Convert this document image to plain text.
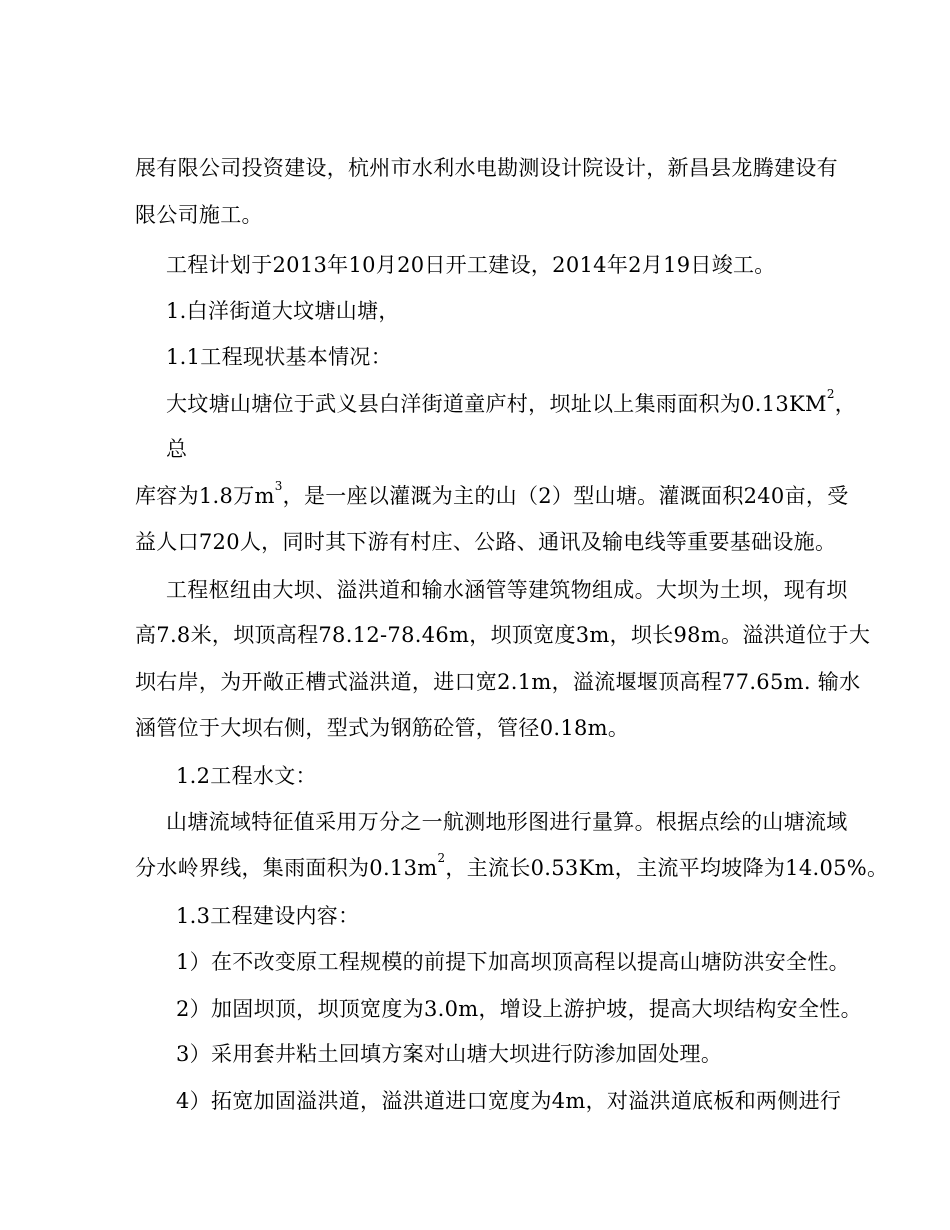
展有限公司投资建设，杭州市水利水电勘测设计院设计，新昌县龙腾建设有
限公司施工。
工程计划于2013年10月20日开工建设，2014年2月19日竣工。
1.白洋街道大坟塘山塘，
1.1工程现状基本情况：
大坟塘山塘位于武义县白洋街道童庐村，坝址以上集雨面积为$0.13KM^2$，
总
库容为1.8万$m^3$，是一座以灌溉为主的山（2）型山塘。灌溉面积240亩，受
益人口720人，同时其下游有村庄、公路、通讯及输电线等重要基础设施。
工程枢纽由大坝、溢洪道和输水涵管等建筑物组成。大坝为土坝，现有坝
高7.8米，坝顶高程78.12-78.46m，坝顶宽度3m，坝长98m。溢洪道位于大
坝右岸，为开敞正槽式溢洪道，进口宽2.1m，溢流堰堰顶高程77.65m. 输水
涵管位于大坝右侧，型式为钢筋砼管，管径0.18m。
1.2工程水文：
山塘流域特征值采用万分之一航测地形图进行量算。根据点绘的山塘流域
分水岭界线，集雨面积为$0.13m^2$，主流长0.53Km，主流平均坡降为14.05%。
1.3工程建设内容：
1）在不改变原工程规模的前提下加高坝顶高程以提高山塘防洪安全性。
2）加固坝顶，坝顶宽度为3.0m，增设上游护坡，提高大坝结构安全性。
3）采用套井粘土回填方案对山塘大坝进行防渗加固处理。
4）拓宽加固溢洪道，溢洪道进口宽度为4m，对溢洪道底板和两侧进行
